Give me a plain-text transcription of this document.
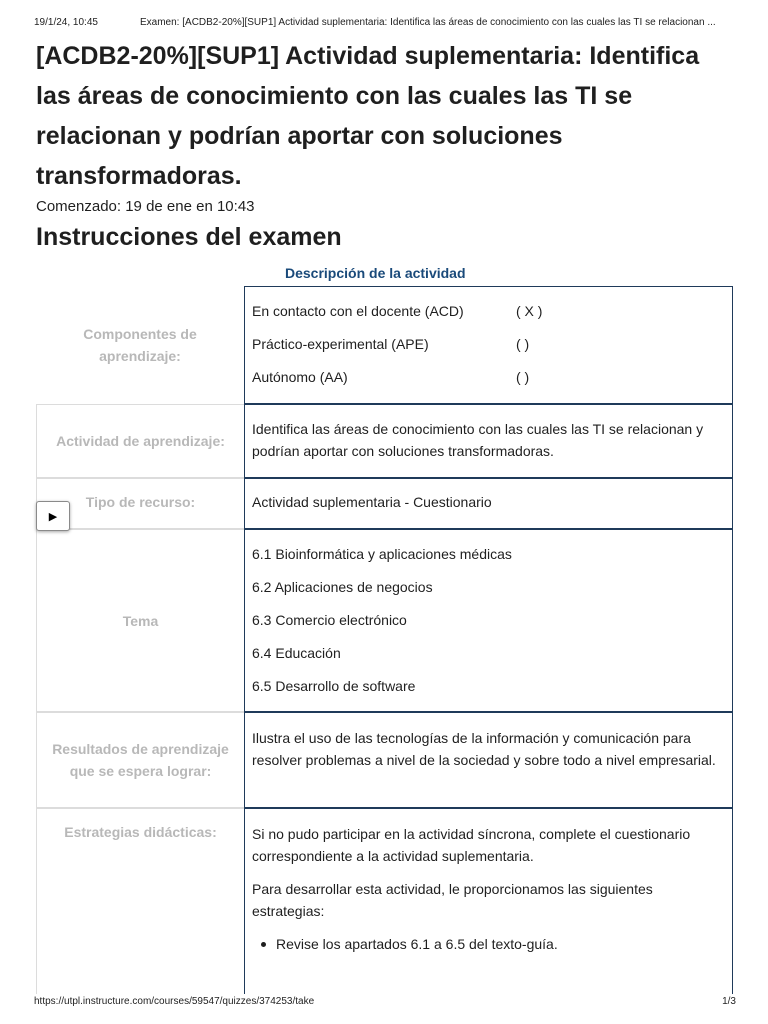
19/1/24, 10:45	Examen: [ACDB2-20%][SUP1] Actividad suplementaria: Identifica las áreas de conocimiento con las cuales las TI se relacionan ...
[ACDB2-20%][SUP1] Actividad suplementaria: Identifica las áreas de conocimiento con las cuales las TI se relacionan y podrían aportar con soluciones transformadoras.
Comenzado: 19 de ene en 10:43
Instrucciones del examen
Descripción de la actividad
Componentes de aprendizaje:
En contacto con el docente (ACD)	( X )
Práctico-experimental (APE)	( )
Autónomo (AA)	( )
Actividad de aprendizaje:

Identifica las áreas de conocimiento con las cuales las TI se relacionan y podrían aportar con soluciones transformadoras.

Tipo de recurso:	Actividad suplementaria - Cuestionario

Tema
6.1 Bioinformática y aplicaciones médicas
6.2 Aplicaciones de negocios
6.3 Comercio electrónico
6.4 Educación
6.5 Desarrollo de software
Resultados de aprendizaje que se espera lograr:

Ilustra el uso de las tecnologías de la información y comunicación para resolver problemas a nivel de la sociedad y sobre todo a nivel empresarial.

Estrategias didácticas:	Si no pudo participar en la actividad síncrona, complete el cuestionario correspondiente a la actividad suplementaria.

Para desarrollar esta actividad, le proporcionamos las siguientes estrategias:

Revise los apartados 6.1 a 6.5 del texto-guía.
▶
https://utpl.instructure.com/courses/59547/quizzes/374253/take	1/3
